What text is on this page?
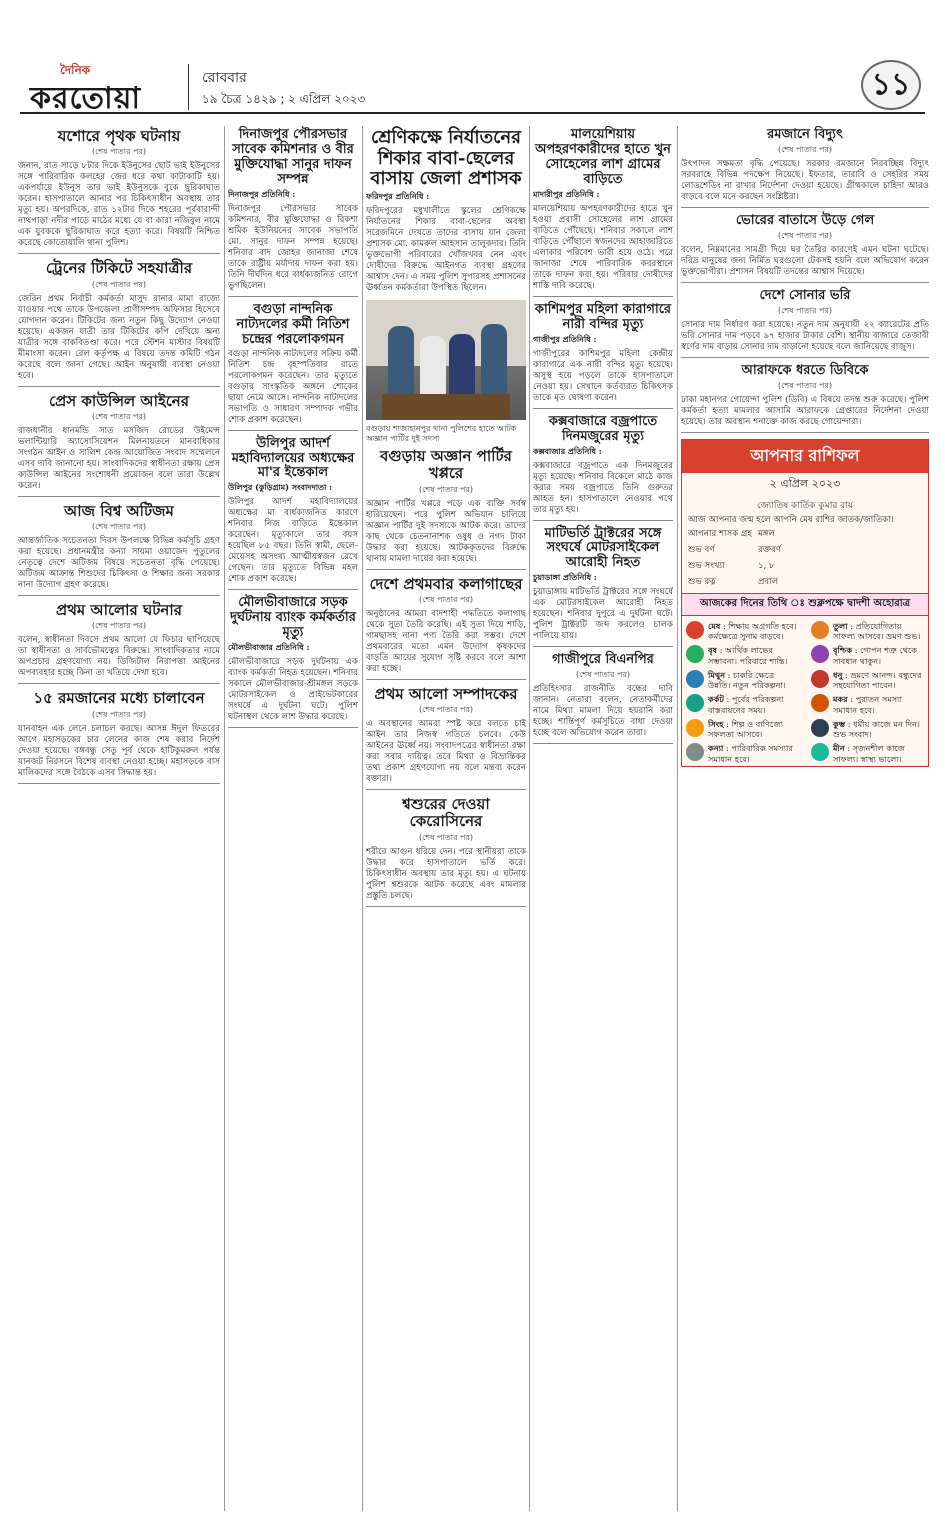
দৈনিক
করতোয়া
রোববার
১৯ চৈত্র ১৪২৯ ; ২ এপ্রিল ২০২৩	১১
যশোরে পৃথক ঘটনায়
(শেষ পাতার পর)
জনান, রাত সাড়ে ৮টার দিকে ইউনুসের ছোট ভাই ইউনুসের সঙ্গে পারিবারিক কলহের জের ধরে কথা কাটাকাটি হয়। একপর্যায়ে ইউনুস তার ভাই ইউনুসকে বুকে ছুরিকাঘাত করেন। হাসপাতালে আনার পর চিকিৎসাধীন অবস্থায় তার মৃত্যু হয়। অপরদিকে, রাত ১২টার দিকে শহরের পূর্ববারান্দী নাথপাড়া নদীর পাড়ে মাঠের মধ্যে যে বা কারা নজিবুল নামে এক যুবককে ছুরিকাঘাত করে হত্যা করে। বিষয়টি নিশ্চিত করেছে কোতোয়ালি থানা পুলিশ।
ট্রেনের টিকিটে সহযাত্রীর
(শেষ পাতার পর)
জেরিন প্রথম নির্বাচী কর্মকর্তা মাসুদ রানার মামা রাজ্যে যাওয়ার পথে তাকে উপজেলা প্রাণীসম্পদ অফিসার হিসেবে যোগদান করেন। টিকিটের জন্য নতুন কিছু উদ্যোগ নেওয়া হয়েছে। একজন যাত্রী তার টিকিটের কপি দেখিয়ে অন্য যাত্রীর সঙ্গে বাকবিতণ্ডা করে। পরে স্টেশন মাস্টার বিষয়টি মীমাংসা করেন। রেল কর্তৃপক্ষ এ বিষয়ে তদন্ত কমিটি গঠন করেছে বলে জানা গেছে। আইন অনুযায়ী ব্যবস্থা নেওয়া হবে।
প্রেস কাউন্সিল আইনের
(শেষ পাতার পর)
রাজধানীর ধানমন্ডি সাত মসজিদ রোডের উইমেন্স ভলান্টিয়ারি অ্যাসোসিয়েশন মিলনায়তনে মানবাধিকার সংগঠন আইন ও সালিশ কেন্দ্র আয়োজিত সংবাদ সম্মেলনে এসব দাবি জানানো হয়। সাংবাদিকদের স্বাধীনতা রক্ষায় প্রেস কাউন্সিল আইনের সংশোধনী প্রয়োজন বলে তারা উল্লেখ করেন।
আজ বিশ্ব অটিজম
(শেষ পাতার পর)
আন্তর্জাতিক সচেতনতা দিবস উপলক্ষে বিভিন্ন কর্মসূচি গ্রহণ করা হয়েছে। প্রধানমন্ত্রীর কন্যা সায়মা ওয়াজেদ পুতুলের নেতৃত্বে দেশে অটিজম বিষয়ে সচেতনতা বৃদ্ধি পেয়েছে। অটিজম আক্রান্ত শিশুদের চিকিৎসা ও শিক্ষার জন্য সরকার নানা উদ্যোগ গ্রহণ করেছে।
প্রথম আলোর ঘটনার
(শেষ পাতার পর)
বলেন, স্বাধীনতা দিবসে প্রথম আলো যে ফিচার ছাপিয়েছে তা স্বাধীনতা ও সার্বভৌমত্বের বিরুদ্ধে। সাংবাদিকতার নামে অপপ্রচার গ্রহণযোগ্য নয়। ডিজিটাল নিরাপত্তা আইনের অপব্যবহার হচ্ছে কিনা তা খতিয়ে দেখা হবে।
১৫ রমজানের মধ্যে চালাবেন
(শেষ পাতার পর)
যানবাহন এক লেনে চলাচল করছে। আসন্ন ঈদুল ফিতরের আগে মহাসড়কের চার লেনের কাজ শেষ করার নির্দেশ দেওয়া হয়েছে। বঙ্গবন্ধু সেতু পূর্ব থেকে হাটিকুমরুল পর্যন্ত যানজট নিরসনে বিশেষ ব্যবস্থা নেওয়া হচ্ছে। মহাসড়কে বাস মালিকদের সঙ্গে বৈঠকে এসব সিদ্ধান্ত হয়।
দিনাজপুর পৌরসভার সাবেক কমিশনার ও বীর মুক্তিযোদ্ধা সানুর দাফন সম্পন্ন
দিনাজপুর প্রতিনিধি :
দিনাজপুর পৌরসভার সাবেক কমিশনার, বীর মুক্তিযোদ্ধা ও রিকশা শ্রমিক ইউনিয়নের সাবেক সভাপতি মো. সানুর দাফন সম্পন্ন হয়েছে। শনিবার বাদ জোহর জানাজা শেষে তাকে রাষ্ট্রীয় মর্যাদায় দাফন করা হয়। তিনি দীর্ঘদিন ধরে বার্ধক্যজনিত রোগে ভুগছিলেন।
বগুড়া নান্দনিক নাট্যদলের কর্মী নিতিশ চন্দ্রের পরলোকগমন
বগুড়া নান্দনিক নাট্যদলের সক্রিয় কর্মী নিতিশ চন্দ্র বৃহস্পতিবার রাতে পরলোকগমন করেছেন। তার মৃত্যুতে বগুড়ার সাংস্কৃতিক অঙ্গনে শোকের ছায়া নেমে আসে। নান্দনিক নাট্যদলের সভাপতি ও সাধারণ সম্পাদক গভীর শোক প্রকাশ করেছেন।
উলিপুর আদর্শ মহাবিদ্যালয়ের অধ্যক্ষের মা'র ইন্তেকাল
উলিপুর (কুড়িগ্রাম) সংবাদদাতা :
উলিপুর আদর্শ মহাবিদ্যালয়ের অধ্যক্ষের মা বার্ধক্যজনিত কারণে শনিবার নিজ বাড়িতে ইন্তেকাল করেছেন। মৃত্যুকালে তার বয়স হয়েছিল ৮৫ বছর। তিনি স্বামী, ছেলে-মেয়েসহ অসংখ্য আত্মীয়স্বজন রেখে গেছেন। তার মৃত্যুতে বিভিন্ন মহল শোক প্রকাশ করেছে।
মৌলভীবাজারে সড়ক দুর্ঘটনায় ব্যাংক কর্মকর্তার মৃত্যু
মৌলভীবাজার প্রতিনিধি :
মৌলভীবাজারে সড়ক দুর্ঘটনায় এক ব্যাংক কর্মকর্তা নিহত হয়েছেন। শনিবার সকালে মৌলভীবাজার-শ্রীমঙ্গল সড়কে মোটরসাইকেল ও প্রাইভেটকারের সংঘর্ষে এ দুর্ঘটনা ঘটে। পুলিশ ঘটনাস্থল থেকে লাশ উদ্ধার করেছে।
শ্রেণিকক্ষে নির্যাতনের শিকার বাবা-ছেলের বাসায় জেলা প্রশাসক
ফরিদপুর প্রতিনিধি :
ফরিদপুরের মধুখালীতে স্কুলের শ্রেণিকক্ষে নির্যাতনের শিকার বাবা-ছেলের অবস্থা সরেজমিনে দেখতে তাদের বাসায় যান জেলা প্রশাসক মো. কামরুল আহসান তালুকদার। তিনি ভুক্তভোগী পরিবারের খোঁজখবর নেন এবং দোষীদের বিরুদ্ধে আইনগত ব্যবস্থা গ্রহণের আশ্বাস দেন। এ সময় পুলিশ সুপারসহ প্রশাসনের ঊর্ধ্বতন কর্মকর্তারা উপস্থিত ছিলেন।
বগুড়ায় শাজাহানপুর থানা পুলিশের হাতে আটক অজ্ঞান পার্টির দুই সদস্য
বগুড়ায় অজ্ঞান পার্টির খপ্পরে
(শেষ পাতার পর)
অজ্ঞান পার্টির খপ্পরে পড়ে এক ব্যক্তি সর্বস্ব হারিয়েছেন। পরে পুলিশ অভিযান চালিয়ে অজ্ঞান পার্টির দুই সদস্যকে আটক করে। তাদের কাছ থেকে চেতনানাশক ওষুধ ও নগদ টাকা উদ্ধার করা হয়েছে। আটককৃতদের বিরুদ্ধে থানায় মামলা দায়ের করা হয়েছে।
দেশে প্রথমবার কলাগাছের
(শেষ পাতার পর)
অনুষ্ঠানের আমরা বাদশাহী পদ্ধতিতে কলাগাছ থেকে সুতা তৈরি করেছি। এই সুতা দিয়ে শাড়ি, গামছাসহ নানা পণ্য তৈরি করা সম্ভব। দেশে প্রথমবারের মতো এমন উদ্যোগ কৃষকদের বাড়তি আয়ের সুযোগ সৃষ্টি করবে বলে আশা করা হচ্ছে।
প্রথম আলো সম্পাদকের
(শেষ পাতার পর)
এ অবস্থানের আমরা স্পষ্ট করে বলতে চাই আইন তার নিজস্ব গতিতে চলবে। কেউ আইনের ঊর্ধ্বে নয়। সংবাদপত্রের স্বাধীনতা রক্ষা করা সবার দায়িত্ব। তবে মিথ্যা ও বিভ্রান্তিকর তথ্য প্রকাশ গ্রহণযোগ্য নয় বলে মন্তব্য করেন বক্তারা।
শ্বশুরের দেওয়া কেরোসিনের
(শেষ পাতার পর)
শরীরে আগুন ধরিয়ে দেন। পরে স্থানীয়রা তাকে উদ্ধার করে হাসপাতালে ভর্তি করে। চিকিৎসাধীন অবস্থায় তার মৃত্যু হয়। এ ঘটনায় পুলিশ শ্বশুরকে আটক করেছে এবং মামলার প্রস্তুতি চলছে।
মালয়েশিয়ায় অপহরণকারীদের হাতে খুন সোহেলের লাশ গ্রামের বাড়িতে
মাদারীপুর প্রতিনিধি :
মালয়েশিয়ায় অপহরণকারীদের হাতে খুন হওয়া প্রবাসী সোহেলের লাশ গ্রামের বাড়িতে পৌঁছেছে। শনিবার সকালে লাশ বাড়িতে পৌঁছালে স্বজনদের আহাজারিতে এলাকার পরিবেশ ভারী হয়ে ওঠে। পরে জানাজা শেষে পারিবারিক কবরস্থানে তাকে দাফন করা হয়। পরিবার দোষীদের শাস্তি দাবি করেছে।
কাশিমপুর মহিলা কারাগারে নারী বন্দির মৃত্যু
গাজীপুর প্রতিনিধি :
গাজীপুরের কাশিমপুর মহিলা কেন্দ্রীয় কারাগারে এক নারী বন্দির মৃত্যু হয়েছে। অসুস্থ হয়ে পড়লে তাকে হাসপাতালে নেওয়া হয়। সেখানে কর্তব্যরত চিকিৎসক তাকে মৃত ঘোষণা করেন।
কক্সবাজারে বজ্রপাতে দিনমজুরের মৃত্যু
কক্সবাজার প্রতিনিধি :
কক্সবাজারে বজ্রপাতে এক দিনমজুরের মৃত্যু হয়েছে। শনিবার বিকেলে মাঠে কাজ করার সময় বজ্রপাতে তিনি গুরুতর আহত হন। হাসপাতালে নেওয়ার পথে তার মৃত্যু হয়।
মাটিভর্তি ট্রাক্টরের সঙ্গে সংঘর্ষে মোটরসাইকেল আরোহী নিহত
চুয়াডাঙ্গা প্রতিনিধি :
চুয়াডাঙ্গায় মাটিভর্তি ট্রাক্টরের সঙ্গে সংঘর্ষে এক মোটরসাইকেল আরোহী নিহত হয়েছেন। শনিবার দুপুরে এ দুর্ঘটনা ঘটে। পুলিশ ট্রাক্টরটি জব্দ করলেও চালক পালিয়ে যায়।
গাজীপুরে বিএনপির
(শেষ পাতার পর)
প্রতিহিংসার রাজনীতি বন্ধের দাবি জানান। নেতারা বলেন, নেতাকর্মীদের নামে মিথ্যা মামলা দিয়ে হয়রানি করা হচ্ছে। শান্তিপূর্ণ কর্মসূচিতে বাধা দেওয়া হচ্ছে বলে অভিযোগ করেন তারা।
রমজানে বিদ্যুৎ
(শেষ পাতার পর)
উৎপাদন সক্ষমতা বৃদ্ধি পেয়েছে। সরকার রমজানে নিরবচ্ছিন্ন বিদ্যুৎ সরবরাহে বিভিন্ন পদক্ষেপ নিয়েছে। ইফতার, তারাবি ও সেহরির সময় লোডশেডিং না রাখার নির্দেশনা দেওয়া হয়েছে। গ্রীষ্মকালে চাহিদা আরও বাড়বে বলে মনে করছেন সংশ্লিষ্টরা।
ভোরের বাতাসে উড়ে গেল
(শেষ পাতার পর)
বলেন, নিম্নমানের সামগ্রী দিয়ে ঘর তৈরির কারণেই এমন ঘটনা ঘটেছে। দরিদ্র মানুষের জন্য নির্মিত ঘরগুলো টেকসই হয়নি বলে অভিযোগ করেন ভুক্তভোগীরা। প্রশাসন বিষয়টি তদন্তের আশ্বাস দিয়েছে।
দেশে সোনার ভরি
(শেষ পাতার পর)
সোনার দাম নির্ধারণ করা হয়েছে। নতুন দাম অনুযায়ী ২২ ক্যারেটের প্রতি ভরি সোনার দাম পড়বে ৯৭ হাজার টাকার বেশি। স্থানীয় বাজারে তেজাবী স্বর্ণের দাম বাড়ায় সোনার দাম বাড়ানো হয়েছে বলে জানিয়েছে বাজুস।
আরাফকে ধরতে ডিবিকে
(শেষ পাতার পর)
ঢাকা মহানগর গোয়েন্দা পুলিশ (ডিবি) এ বিষয়ে তদন্ত শুরু করেছে। পুলিশ কর্মকর্তা হত্যা মামলার আসামি আরাফকে গ্রেপ্তারের নির্দেশনা দেওয়া হয়েছে। তার অবস্থান শনাক্তে কাজ করছে গোয়েন্দারা।
আপনার রাশিফল
২ এপ্রিল ২০২৩
জ্যোতিষ কার্তিক কুমার রায়
আজ আপনার জন্ম হলে আপনি মেষ রাশির জাতক/জাতিকা।
আপনার শাসক গ্রহ মঙ্গল
শুভ বর্ণ	রক্তবর্ণ
শুভ সংখ্যা	১, ৮
শুভ রত্ন	প্রবাল
আজকের দিনের তিথি ঃ শুক্লপক্ষে দ্বাদশী অহোরাত্র
মেষ : শিক্ষায় অগ্রগতি হবে। কর্মক্ষেত্রে সুনাম বাড়বে।
তুলা : প্রতিযোগিতায় সাফল্য আসবে। ভ্রমণ শুভ।
বৃষ : আর্থিক লাভের সম্ভাবনা। পরিবারে শান্তি।
বৃশ্চিক : গোপন শত্রু থেকে সাবধান থাকুন।
মিথুন : চাকরি ক্ষেত্রে উন্নতি। নতুন পরিকল্পনা।
ধনু : ভ্রমণে আনন্দ। বন্ধুদের সহযোগিতা পাবেন।
কর্কট : পূর্বের পরিকল্পনা বাস্তবায়নের সময়।
মকর : পুরাতন সমস্যা সমাধান হবে।
সিংহ : শিল্প ও বাণিজ্যে সফলতা আসবে।
কুম্ভ : ধর্মীয় কাজে মন দিন। শুভ সংবাদ।
কন্যা : পারিবারিক সমস্যার সমাধান হবে।
মীন : সৃজনশীল কাজে সাফল্য। স্বাস্থ্য ভালো।
